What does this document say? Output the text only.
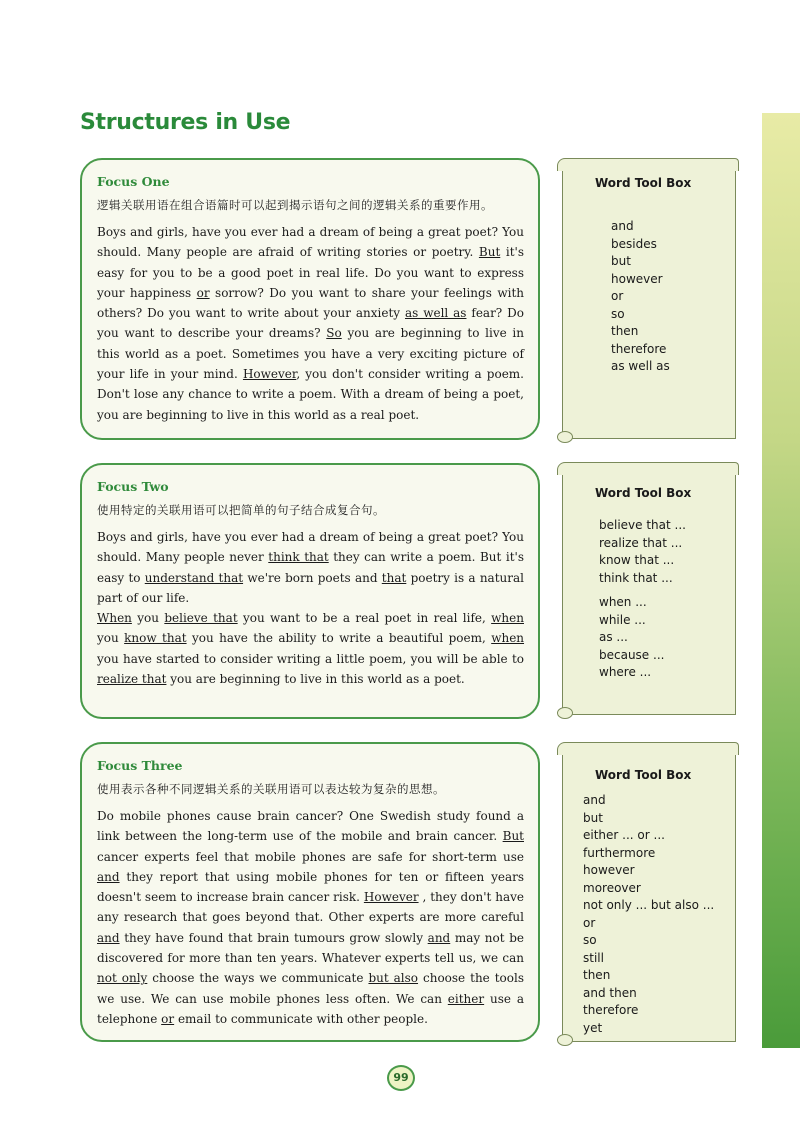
Structures in Use
Focus One
逻辑关联用语在组合语篇时可以起到揭示语句之间的逻辑关系的重要作用。

Boys and girls, have you ever had a dream of being a great poet? You should. Many people are afraid of writing stories or poetry. But it's easy for you to be a good poet in real life. Do you want to express your happiness or sorrow? Do you want to share your feelings with others? Do you want to write about your anxiety as well as fear? Do you want to describe your dreams? So you are beginning to live in this world as a poet. Sometimes you have a very exciting picture of your life in your mind. However, you don't consider writing a poem. Don't lose any chance to write a poem. With a dream of being a poet, you are beginning to live in this world as a real poet.

Focus Two
使用特定的关联用语可以把简单的句子结合成复合句。

Boys and girls, have you ever had a dream of being a great poet? You should. Many people never think that they can write a poem. But it's easy to understand that we're born poets and that poetry is a natural part of our life.
When you believe that you want to be a real poet in real life, when you know that you have the ability to write a beautiful poem, when you have started to consider writing a little poem, you will be able to realize that you are beginning to live in this world as a poet.

Focus Three
使用表示各种不同逻辑关系的关联用语可以表达较为复杂的思想。

Do mobile phones cause brain cancer? One Swedish study found a link between the long-term use of the mobile and brain cancer. But cancer experts feel that mobile phones are safe for short-term use and they report that using mobile phones for ten or fifteen years doesn't seem to increase brain cancer risk. However , they don't have any research that goes beyond that. Other experts are more careful and they have found that brain tumours grow slowly and may not be discovered for more than ten years. Whatever experts tell us, we can not only choose the ways we communicate but also choose the tools we use. We can use mobile phones less often. We can either use a telephone or email to communicate with other people.

Word Tool Box
and
besides
but
however
or
so
then
therefore
as well as
Word Tool Box
believe that ...
realize that ...
know that ...
think that ...
when ...
while ...
as ...
because ...
where ...
Word Tool Box
and
but
either ... or ...
furthermore
however
moreover
not only ... but also ...
or
so
still
then
and then
therefore
yet
99
